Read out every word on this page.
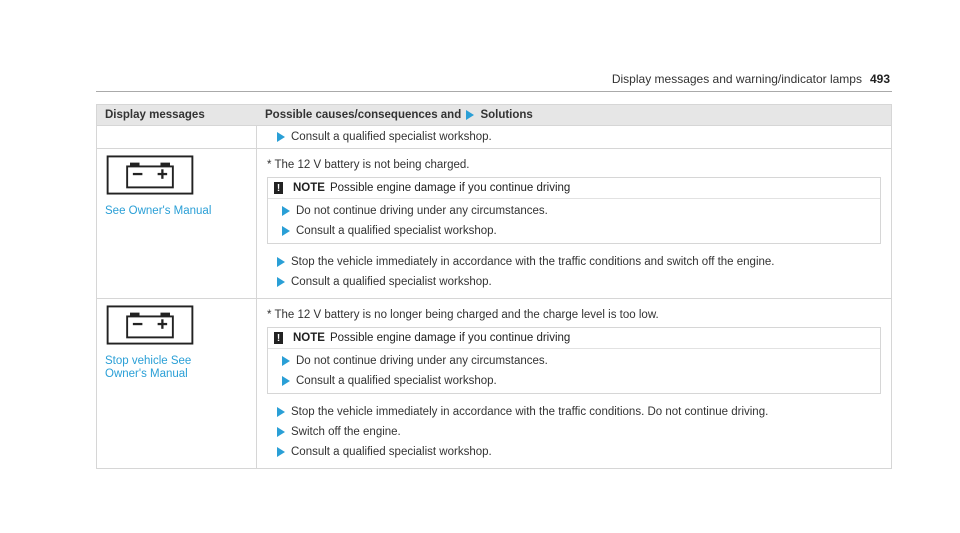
Display messages and warning/indicator lamps 493
Display messages	Possible causes/consequences and Solutions
Consult a qualified specialist workshop.
See Owner's Manual
* The 12 V battery is not being charged.
! NOTE Possible engine damage if you continue driving
Do not continue driving under any circumstances.
Consult a qualified specialist workshop.
Stop the vehicle immediately in accordance with the traffic conditions and switch off the engine.
Consult a qualified specialist workshop.
Stop vehicle See Owner's Manual
* The 12 V battery is no longer being charged and the charge level is too low.
! NOTE Possible engine damage if you continue driving
Do not continue driving under any circumstances.
Consult a qualified specialist workshop.
Stop the vehicle immediately in accordance with the traffic conditions. Do not continue driving.
Switch off the engine.
Consult a qualified specialist workshop.
